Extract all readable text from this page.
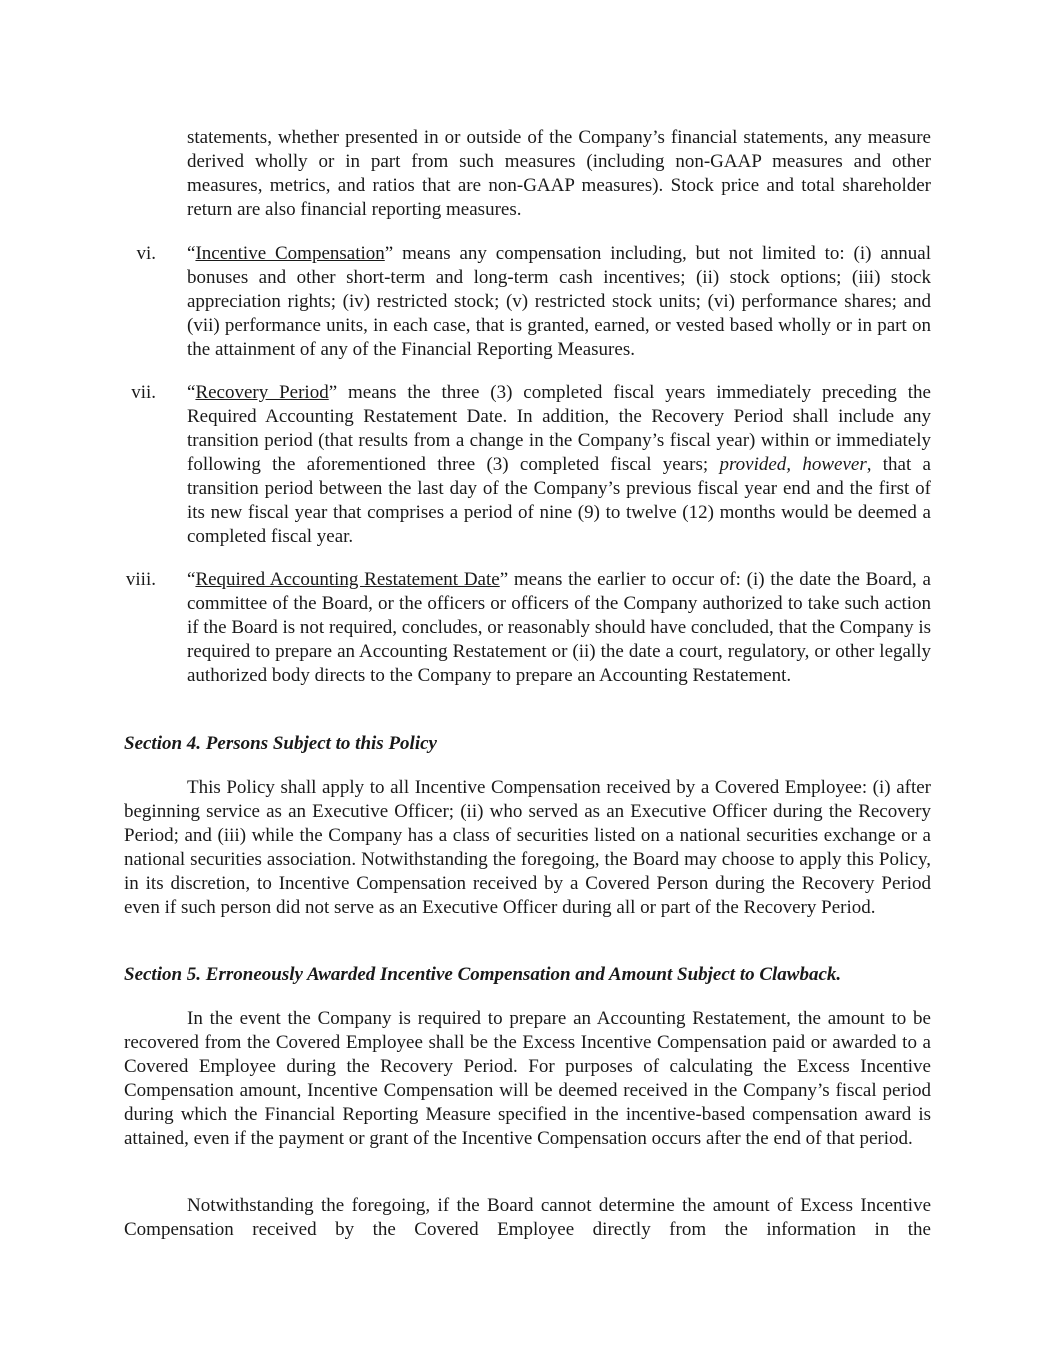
statements, whether presented in or outside of the Company’s financial statements, any measure derived wholly or in part from such measures (including non-GAAP measures and other measures, metrics, and ratios that are non-GAAP measures). Stock price and total shareholder return are also financial reporting measures.

vi. “Incentive Compensation” means any compensation including, but not limited to: (i) annual bonuses and other short-term and long-term cash incentives; (ii) stock options; (iii) stock appreciation rights; (iv) restricted stock; (v) restricted stock units; (vi) performance shares; and (vii) performance units, in each case, that is granted, earned, or vested based wholly or in part on the attainment of any of the Financial Reporting Measures.

vii. “Recovery Period” means the three (3) completed fiscal years immediately preceding the Required Accounting Restatement Date. In addition, the Recovery Period shall include any transition period (that results from a change in the Company’s fiscal year) within or immediately following the aforementioned three (3) completed fiscal years; provided, however, that a transition period between the last day of the Company’s previous fiscal year end and the first of its new fiscal year that comprises a period of nine (9) to twelve (12) months would be deemed a completed fiscal year.

viii. “Required Accounting Restatement Date” means the earlier to occur of: (i) the date the Board, a committee of the Board, or the officers or officers of the Company authorized to take such action if the Board is not required, concludes, or reasonably should have concluded, that the Company is required to prepare an Accounting Restatement or (ii) the date a court, regulatory, or other legally authorized body directs to the Company to prepare an Accounting Restatement.

Section 4. Persons Subject to this Policy

This Policy shall apply to all Incentive Compensation received by a Covered Employee: (i) after beginning service as an Executive Officer; (ii) who served as an Executive Officer during the Recovery Period; and (iii) while the Company has a class of securities listed on a national securities exchange or a national securities association. Notwithstanding the foregoing, the Board may choose to apply this Policy, in its discretion, to Incentive Compensation received by a Covered Person during the Recovery Period even if such person did not serve as an Executive Officer during all or part of the Recovery Period.

Section 5. Erroneously Awarded Incentive Compensation and Amount Subject to Clawback.

In the event the Company is required to prepare an Accounting Restatement, the amount to be recovered from the Covered Employee shall be the Excess Incentive Compensation paid or awarded to a Covered Employee during the Recovery Period. For purposes of calculating the Excess Incentive Compensation amount, Incentive Compensation will be deemed received in the Company’s fiscal period during which the Financial Reporting Measure specified in the incentive-based compensation award is attained, even if the payment or grant of the Incentive Compensation occurs after the end of that period.

Notwithstanding the foregoing, if the Board cannot determine the amount of Excess Incentive Compensation received by the Covered Employee directly from the information in the
